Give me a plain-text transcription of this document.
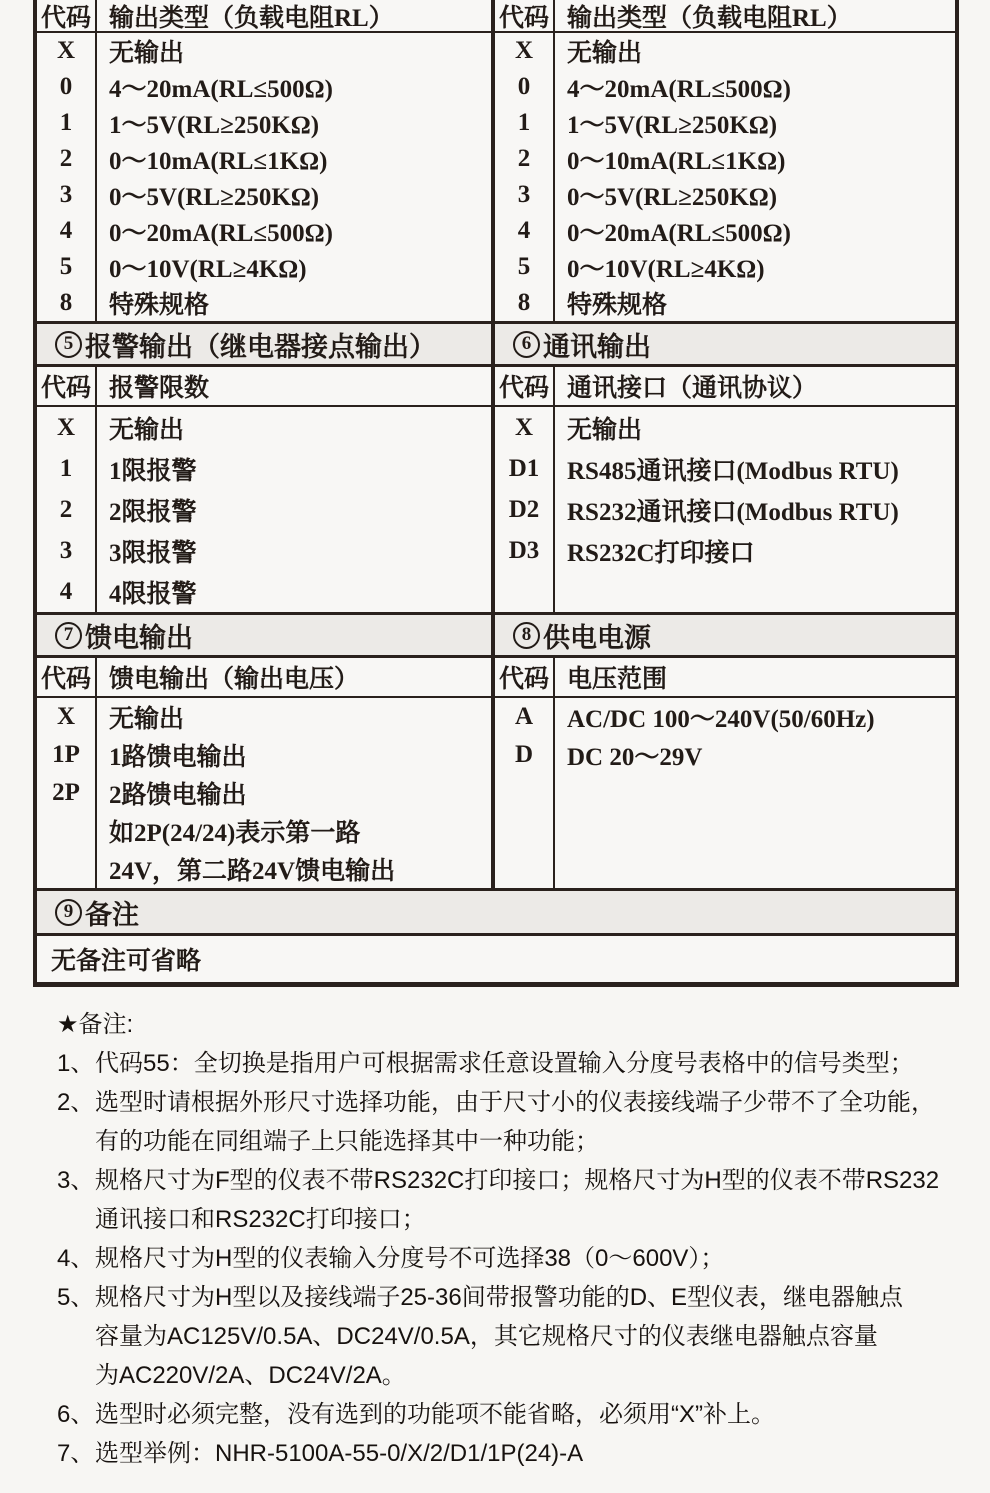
代码 输出类型（负载电阻RL）
X	无输出
0	4～20mA(RL≤500Ω)
1	1～5V(RL≥250KΩ)
2	0～10mA(RL≤1KΩ)
3	0～5V(RL≥250KΩ)
4	0～20mA(RL≤500Ω)
5	0～10V(RL≥4KΩ)
8	特殊规格
代码 输出类型（负载电阻RL）
X	无输出
0	4～20mA(RL≤500Ω)
1	1～5V(RL≥250KΩ)
2	0～10mA(RL≤1KΩ)
3	0～5V(RL≥250KΩ)
4	0～20mA(RL≤500Ω)
5	0～10V(RL≥4KΩ)
8	特殊规格
5 报警输出（继电器接点输出）	6 通讯输出
代码 报警限数
X	无输出
1	1限报警
2	2限报警
3	3限报警
4	4限报警
代码 通讯接口（通讯协议）
X	无输出
D1	RS485通讯接口(Modbus RTU)
D2	RS232通讯接口(Modbus RTU)
D3	RS232C打印接口
7 馈电输出	8 供电电源
代码 馈电输出（输出电压）
X	无输出
1P	1路馈电输出
2P	2路馈电输出
如2P(24/24)表示第一路
24V，第二路24V馈电输出
代码 电压范围
A	AC/DC 100～240V(50/60Hz)
D	DC 20～29V
9 备注
无备注可省略
★备注:
1、代码55：全切换是指用户可根据需求任意设置输入分度号表格中的信号类型；
2、选型时请根据外形尺寸选择功能，由于尺寸小的仪表接线端子少带不了全功能，
有的功能在同组端子上只能选择其中一种功能；
3、规格尺寸为F型的仪表不带RS232C打印接口；规格尺寸为H型的仪表不带RS232
通讯接口和RS232C打印接口；
4、规格尺寸为H型的仪表输入分度号不可选择38（0～600V）；
5、规格尺寸为H型以及接线端子25-36间带报警功能的D、E型仪表，继电器触点
容量为AC125V/0.5A、DC24V/0.5A，其它规格尺寸的仪表继电器触点容量
为AC220V/2A、DC24V/2A。
6、选型时必须完整，没有选到的功能项不能省略，必须用“X”补上。
7、选型举例：NHR-5100A-55-0/X/2/D1/1P(24)-A
